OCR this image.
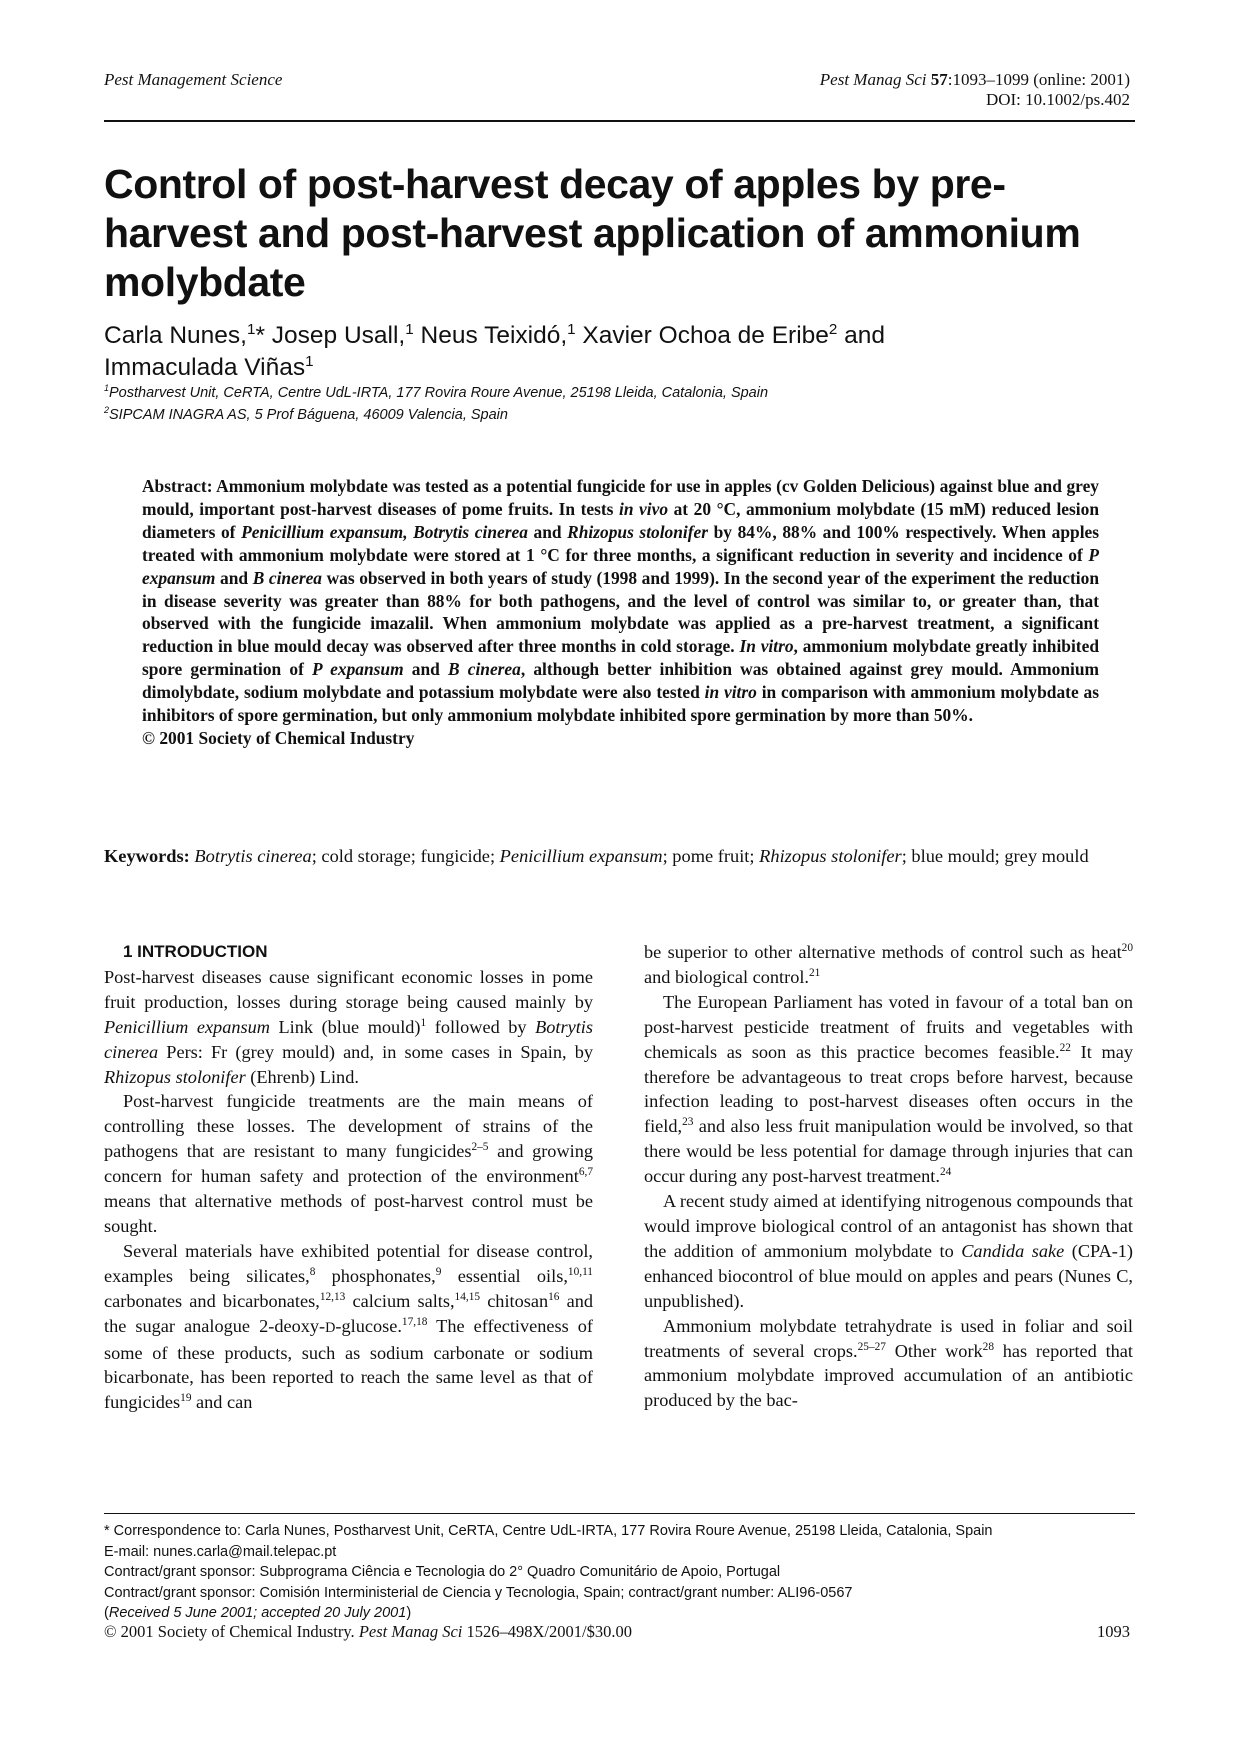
Pest Management Science	Pest Manag Sci 57:1093–1099 (online: 2001)
DOI: 10.1002/ps.402
Control of post-harvest decay of apples by pre-harvest and post-harvest application of ammonium molybdate
Carla Nunes,$^1$* Josep Usall,$^1$ Neus Teixidó,$^1$ Xavier Ochoa de Eribe$^2$ and
Immaculada Viñas$^1$
$^1$Postharvest Unit, CeRTA, Centre UdL-IRTA, 177 Rovira Roure Avenue, 25198 Lleida, Catalonia, Spain
$^2$SIPCAM INAGRA AS, 5 Prof Báguena, 46009 Valencia, Spain
Abstract: Ammonium molybdate was tested as a potential fungicide for use in apples (cv Golden Delicious) against blue and grey mould, important post-harvest diseases of pome fruits. In tests in vivo at 20 °C, ammonium molybdate (15 mM) reduced lesion diameters of Penicillium expansum, Botrytis cinerea and Rhizopus stolonifer by 84%, 88% and 100% respectively. When apples treated with ammonium molybdate were stored at 1 °C for three months, a significant reduction in severity and incidence of P expansum and B cinerea was observed in both years of study (1998 and 1999). In the second year of the experiment the reduction in disease severity was greater than 88% for both pathogens, and the level of control was similar to, or greater than, that observed with the fungicide imazalil. When ammonium molybdate was applied as a pre-harvest treatment, a significant reduction in blue mould decay was observed after three months in cold storage. In vitro, ammonium molybdate greatly inhibited spore germination of P expansum and B cinerea, although better inhibition was obtained against grey mould. Ammonium dimolybdate, sodium molybdate and potassium molybdate were also tested in vitro in comparison with ammonium molybdate as inhibitors of spore germination, but only ammonium molybdate inhibited spore germination by more than 50%.
© 2001 Society of Chemical Industry
Keywords: Botrytis cinerea; cold storage; fungicide; Penicillium expansum; pome fruit; Rhizopus stolonifer; blue mould; grey mould

1 INTRODUCTION

Post-harvest diseases cause significant economic losses in pome fruit production, losses during storage being caused mainly by Penicillium expansum Link (blue mould)$^1$ followed by Botrytis cinerea Pers: Fr (grey mould) and, in some cases in Spain, by Rhizopus stolonifer (Ehrenb) Lind.

Post-harvest fungicide treatments are the main means of controlling these losses. The development of strains of the pathogens that are resistant to many fungicides$^{2-5}$ and growing concern for human safety and protection of the environment$^{6,7}$ means that alternative methods of post-harvest control must be sought.

Several materials have exhibited potential for disease control, examples being silicates,$^8$ phosphonates,$^9$ essential oils,$^{10,11}$ carbonates and bicarbonates,$^{12,13}$ calcium salts,$^{14,15}$ chitosan$^{16}$ and the sugar analogue 2-deoxy-D-glucose.$^{17,18}$ The effectiveness of some of these products, such as sodium carbonate or sodium bicarbonate, has been reported to reach the same level as that of fungicides$^{19}$ and can

be superior to other alternative methods of control such as heat$^{20}$ and biological control.$^{21}$

The European Parliament has voted in favour of a total ban on post-harvest pesticide treatment of fruits and vegetables with chemicals as soon as this practice becomes feasible.$^{22}$ It may therefore be advantageous to treat crops before harvest, because infection leading to post-harvest diseases often occurs in the field,$^{23}$ and also less fruit manipulation would be involved, so that there would be less potential for damage through injuries that can occur during any post-harvest treatment.$^{24}$

A recent study aimed at identifying nitrogenous compounds that would improve biological control of an antagonist has shown that the addition of ammonium molybdate to Candida sake (CPA-1) enhanced biocontrol of blue mould on apples and pears (Nunes C, unpublished).

Ammonium molybdate tetrahydrate is used in foliar and soil treatments of several crops.$^{25-27}$ Other work$^{28}$ has reported that ammonium molybdate improved accumulation of an antibiotic produced by the bac-

* Correspondence to: Carla Nunes, Postharvest Unit, CeRTA, Centre UdL-IRTA, 177 Rovira Roure Avenue, 25198 Lleida, Catalonia, Spain
E-mail: nunes.carla@mail.telepac.pt
Contract/grant sponsor: Subprograma Ciência e Tecnologia do 2° Quadro Comunitário de Apoio, Portugal
Contract/grant sponsor: Comisión Interministerial de Ciencia y Tecnologia, Spain; contract/grant number: ALI96-0567
(Received 5 June 2001; accepted 20 July 2001)
© 2001 Society of Chemical Industry. Pest Manag Sci 1526–498X/2001/$30.00	1093
